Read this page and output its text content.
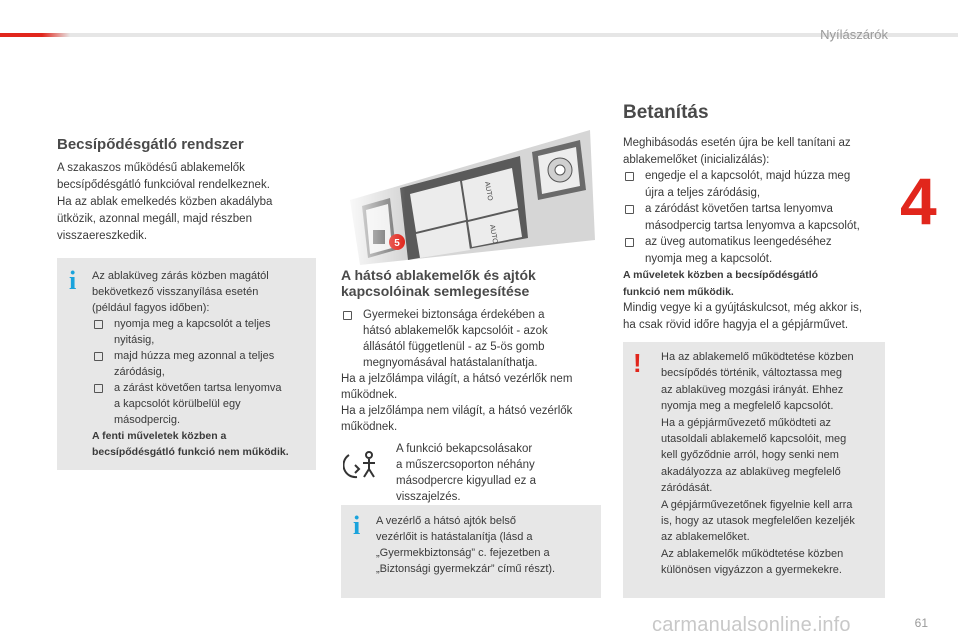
Nyílászárók
4
Becsípődésgátló rendszer

A szakaszos működésű ablakemelők

becsípődésgátló funkcióval rendelkeznek.

Ha az ablak emelkedés közben akadályba

ütközik, azonnal megáll, majd részben

visszaereszkedik.

i Az ablaküveg zárás közben magától

bekövetkező visszanyílása esetén

(például fagyos időben):

nyomja meg a kapcsolót a teljes
nyitásig,
majd húzza meg azonnal a teljes
záródásig,
a zárást követően tartsa lenyomva
a kapcsolót körülbelül egy
másodpercig.

A fenti műveletek közben a

becsípődésgátló funkció nem működik.

A hátsó ablakemelők és ajtók
kapcsolóinak semlegesítése
Gyermekei biztonsága érdekében a
hátsó ablakemelők kapcsolóit - azok
állásától függetlenül - az 5-ös gomb
megnyomásával hatástalaníthatja.

Ha a jelzőlámpa világít, a hátsó vezérlők nem

működnek.

Ha a jelzőlámpa nem világít, a hátsó vezérlők

működnek.

A funkció bekapcsolásakor

a műszercsoporton néhány

másodpercre kigyullad ez a

visszajelzés.

i A vezérlő a hátsó ajtók belső

vezérlőit is hatástalanítja (lásd a

„Gyermekbiztonság” c. fejezetben a

„Biztonsági gyermekzár” című részt).

Betanítás

Meghibásodás esetén újra be kell tanítani az

ablakemelőket (inicializálás):

engedje el a kapcsolót, majd húzza meg
újra a teljes záródásig,
a záródást követően tartsa lenyomva
másodpercig tartsa lenyomva a kapcsolót,
az üveg automatikus leengedéséhez
nyomja meg a kapcsolót.

A műveletek közben a becsípődésgátló

funkció nem működik.

Mindig vegye ki a gyújtáskulcsot, még akkor is,

ha csak rövid időre hagyja el a gépjárművet.

! Ha az ablakemelő működtetése közben

becsípődés történik, változtassa meg

az ablaküveg mozgási irányát. Ehhez

nyomja meg a megfelelő kapcsolót.

Ha a gépjárművezető működteti az

utasoldali ablakemelő kapcsolóit, meg

kell győződnie arról, hogy senki nem

akadályozza az ablaküveg megfelelő

záródását.

A gépjárművezetőnek figyelnie kell arra

is, hogy az utasok megfelelően kezeljék

az ablakemelőket.

Az ablakemelők működtetése közben

különösen vigyázzon a gyermekekre.

61
carmanualsonline.info
